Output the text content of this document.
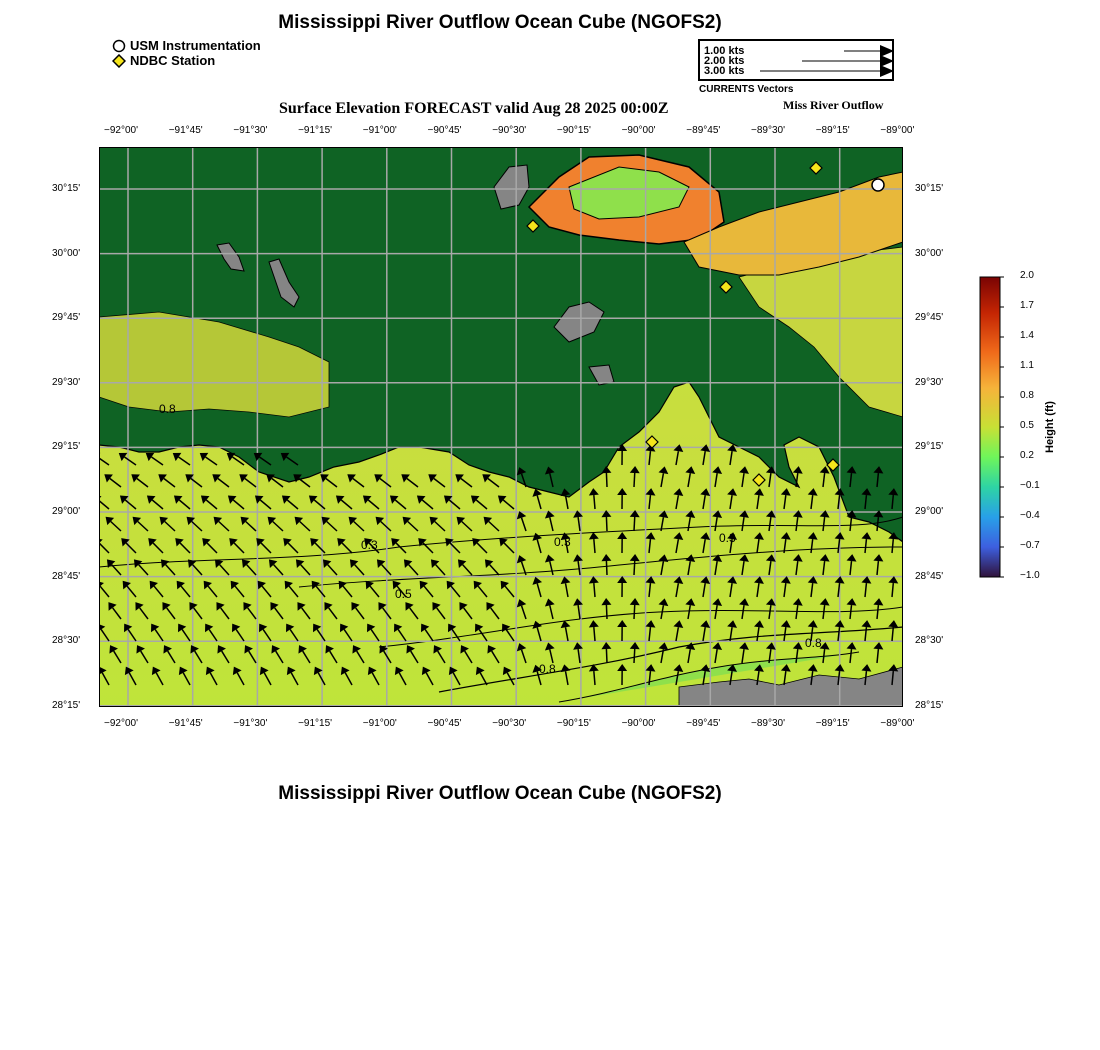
Mississippi River Outflow Ocean Cube (NGOFS2)
Mississippi River Outflow Ocean Cube (NGOFS2)
USM Instrumentation
NDBC Station
1.00 kts
2.00 kts
3.00 kts
CURRENTS Vectors
Surface Elevation FORECAST valid Aug 28 2025 00:00Z	Miss River Outflow
−92°00'	−91°45'	−91°30'	−91°15'	−91°00'	−90°45'	−90°30'	−90°15'	−90°00'	−89°45'	−89°30'	−89°15'	−89°00'
−92°00'	−91°45'	−91°30'	−91°15'	−91°00'	−90°45'	−90°30'	−90°15'	−90°00'	−89°45'	−89°30'	−89°15'	−89°00'
30°15'
30°00'
29°45'
29°30'
29°15'
29°00'
28°45'
28°30'
28°15'
30°15'
30°00'
29°45'
29°30'
29°15'
29°00'
28°45'
28°30'
28°15'
0.8
0.3	0.3	0.3
0.5
0.8
0.8
2.0
1.7
1.4
1.1
0.8
0.5
0.2
−0.1
−0.4
−0.7
−1.0
Height (ft)
